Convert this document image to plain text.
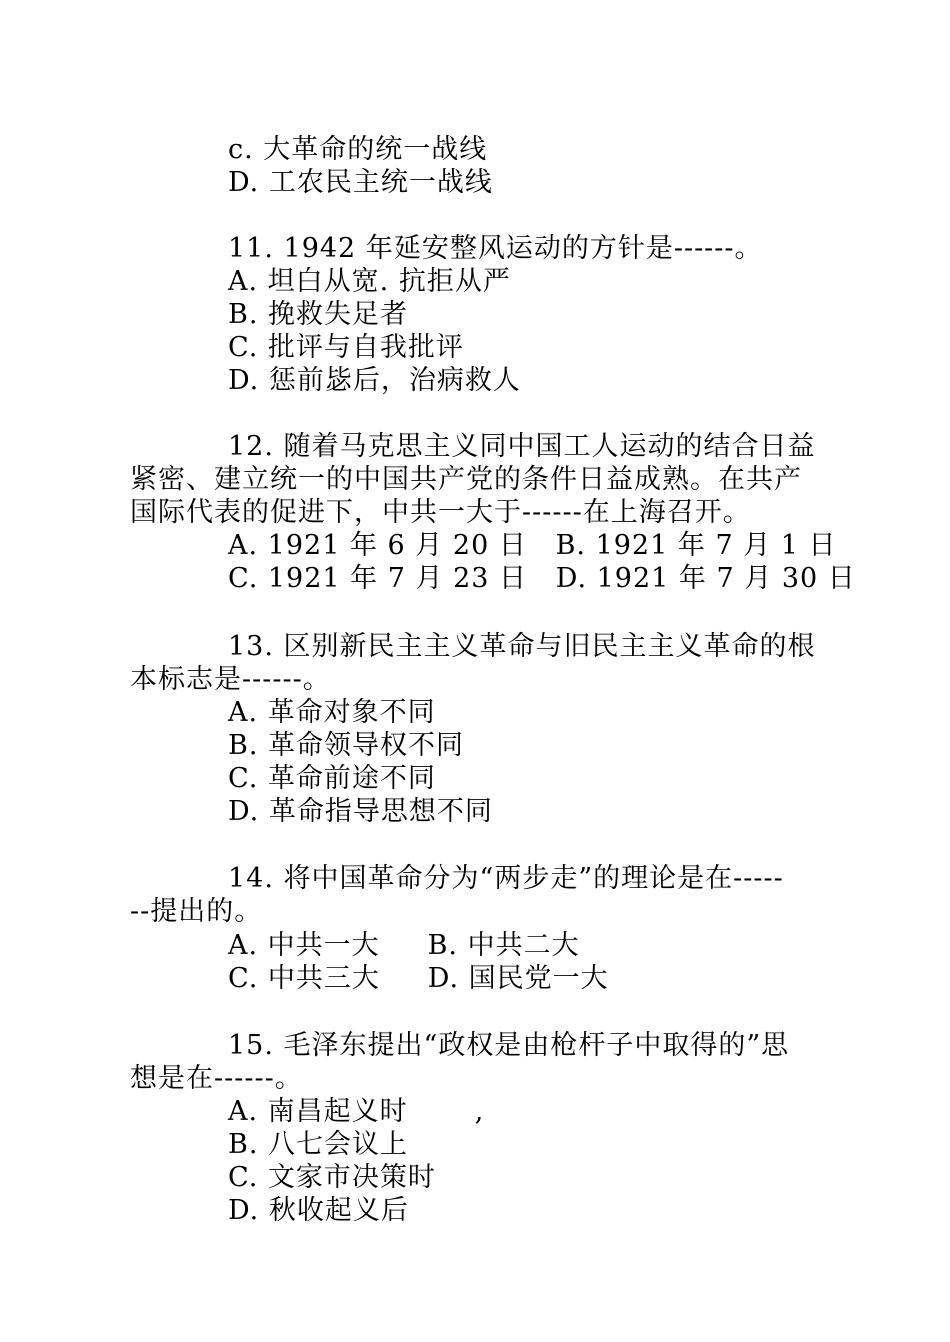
c. 大革命的统一战线
D. 工农民主统一战线
11. 1942 年延安整风运动的方针是------。
A. 坦白从宽. 抗拒从严
B. 挽救失足者
C. 批评与自我批评
D. 惩前毖后，治病救人
12. 随着马克思主义同中国工人运动的结合日益
紧密、建立统一的中国共产党的条件日益成熟。在共产
国际代表的促进下，中共一大于------在上海召开。
A. 1921 年 6 月 20 日   B. 1921 年 7 月 1 日
C. 1921 年 7 月 23 日   D. 1921 年 7 月 30 日
13. 区别新民主主义革命与旧民主主义革命的根
本标志是------。
A. 革命对象不同
B. 革命领导权不同
C. 革命前途不同
D. 革命指导思想不同
14. 将中国革命分为“两步走”的理论是在-----
--提出的。
A. 中共一大     B. 中共二大
C. 中共三大     D. 国民党一大
15. 毛泽东提出“政权是由枪杆子中取得的”思
想是在------。
A. 南昌起义时       ,
B. 八七会议上
C. 文家市决策时
D. 秋收起义后
